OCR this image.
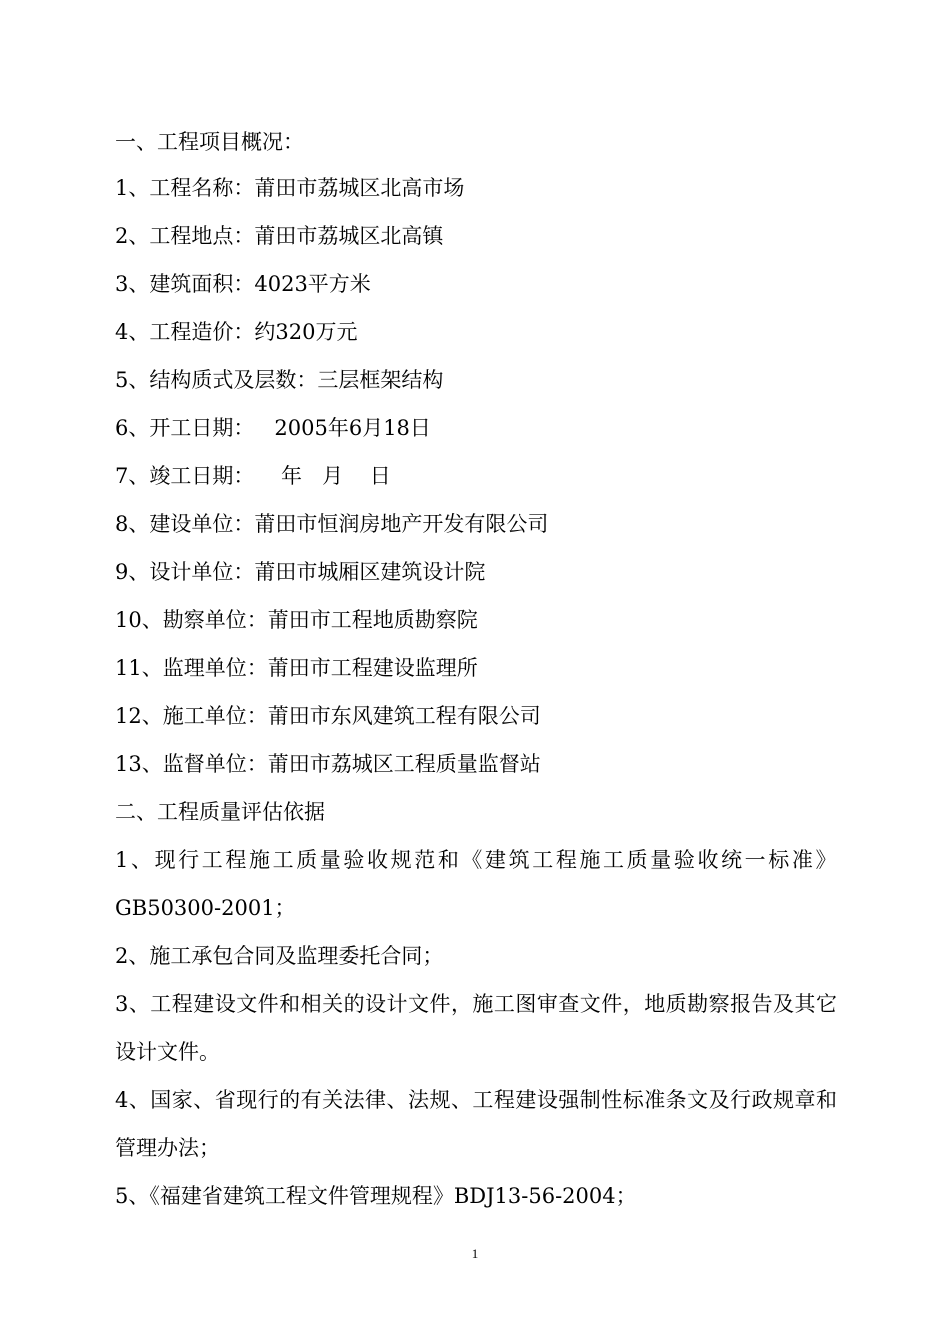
一、工程项目概况：
1、工程名称：莆田市荔城区北高市场
2、工程地点：莆田市荔城区北高镇
3、建筑面积：4023平方米
4、工程造价：约320万元
5、结构质式及层数：三层框架结构
6、开工日期：   2005年6月18日
7、竣工日期：    年   月    日
8、建设单位：莆田市恒润房地产开发有限公司
9、设计单位：莆田市城厢区建筑设计院
10、勘察单位：莆田市工程地质勘察院
11、监理单位：莆田市工程建设监理所
12、施工单位：莆田市东风建筑工程有限公司
13、监督单位：莆田市荔城区工程质量监督站
二、工程质量评估依据
1、现行工程施工质量验收规范和《建筑工程施工质量验收统一标准》
GB50300-2001；
2、施工承包合同及监理委托合同；
3、工程建设文件和相关的设计文件，施工图审查文件，地质勘察报告及其它
设计文件。
4、国家、省现行的有关法律、法规、工程建设强制性标准条文及行政规章和
管理办法；
5、《福建省建筑工程文件管理规程》BDJ13-56-2004；
1
